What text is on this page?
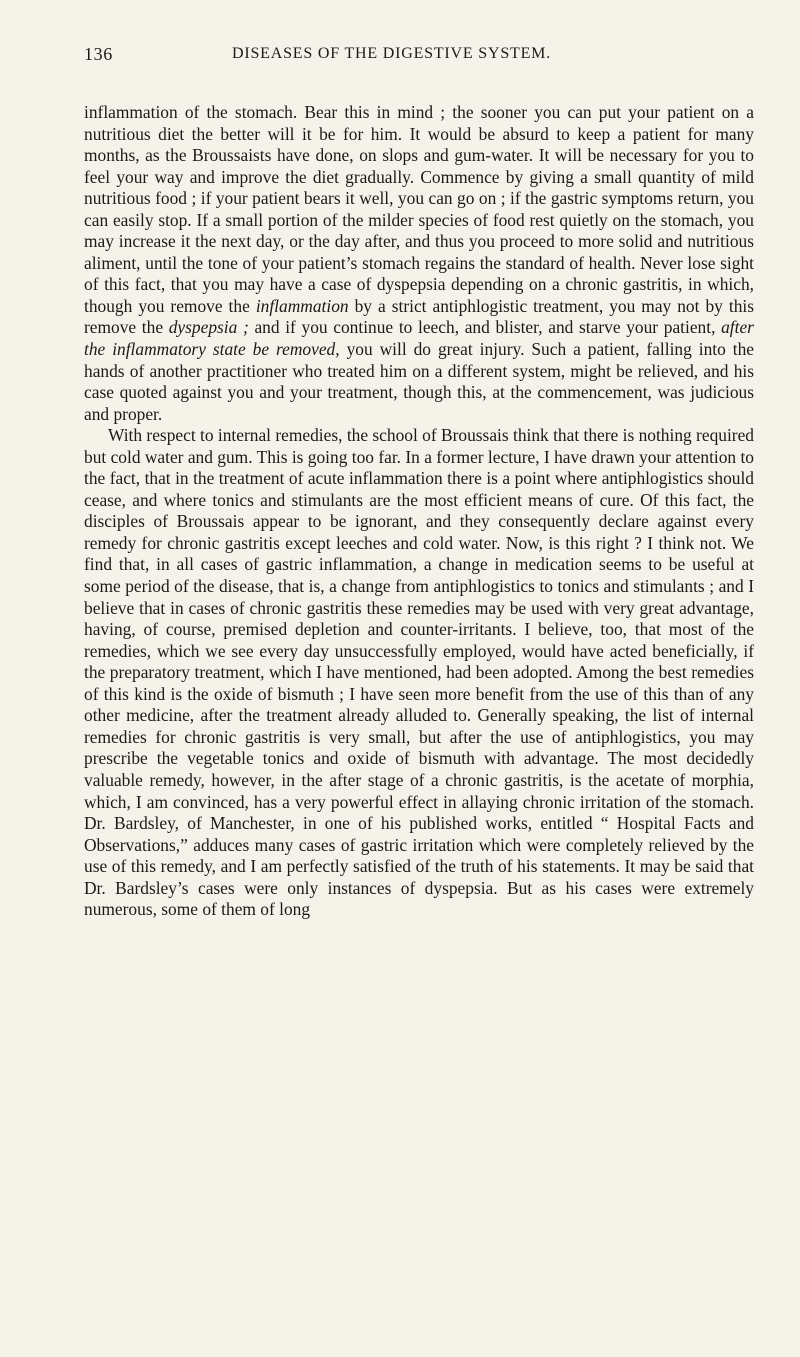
136	DISEASES OF THE DIGESTIVE SYSTEM.

inflammation of the stomach. Bear this in mind ; the sooner you can put your patient on a nutritious diet the better will it be for him. It would be absurd to keep a patient for many months, as the Broussaists have done, on slops and gum-water. It will be necessary for you to feel your way and improve the diet gradually. Commence by giving a small quantity of mild nutritious food ; if your patient bears it well, you can go on ; if the gastric symptoms return, you can easily stop. If a small portion of the milder species of food rest quietly on the stomach, you may increase it the next day, or the day after, and thus you proceed to more solid and nutritious aliment, until the tone of your patient’s stomach regains the standard of health. Never lose sight of this fact, that you may have a case of dyspepsia depending on a chronic gastritis, in which, though you remove the inflammation by a strict antiphlogistic treatment, you may not by this remove the dyspepsia ; and if you continue to leech, and blister, and starve your patient, after the inflammatory state be removed, you will do great injury. Such a patient, falling into the hands of another practitioner who treated him on a different system, might be relieved, and his case quoted against you and your treatment, though this, at the commencement, was judicious and proper.

With respect to internal remedies, the school of Broussais think that there is nothing required but cold water and gum. This is going too far. In a former lecture, I have drawn your attention to the fact, that in the treatment of acute inflammation there is a point where antiphlogistics should cease, and where tonics and stimulants are the most efficient means of cure. Of this fact, the disciples of Broussais appear to be ignorant, and they consequently declare against every remedy for chronic gastritis except leeches and cold water. Now, is this right ? I think not. We find that, in all cases of gastric inflammation, a change in medication seems to be useful at some period of the disease, that is, a change from antiphlogistics to tonics and stimulants ; and I believe that in cases of chronic gastritis these remedies may be used with very great advantage, having, of course, premised depletion and counter-irritants. I believe, too, that most of the remedies, which we see every day unsuccessfully employed, would have acted beneficially, if the preparatory treatment, which I have mentioned, had been adopted. Among the best remedies of this kind is the oxide of bismuth ; I have seen more benefit from the use of this than of any other medicine, after the treatment already alluded to. Generally speaking, the list of internal remedies for chronic gastritis is very small, but after the use of antiphlogistics, you may prescribe the vegetable tonics and oxide of bismuth with advantage. The most decidedly valuable remedy, however, in the after stage of a chronic gastritis, is the acetate of morphia, which, I am convinced, has a very powerful effect in allaying chronic irritation of the stomach. Dr. Bardsley, of Manchester, in one of his published works, entitled “ Hospital Facts and Observations,” adduces many cases of gastric irritation which were completely relieved by the use of this remedy, and I am perfectly satisfied of the truth of his statements. It may be said that Dr. Bardsley’s cases were only instances of dyspepsia. But as his cases were extremely numerous, some of them of long
